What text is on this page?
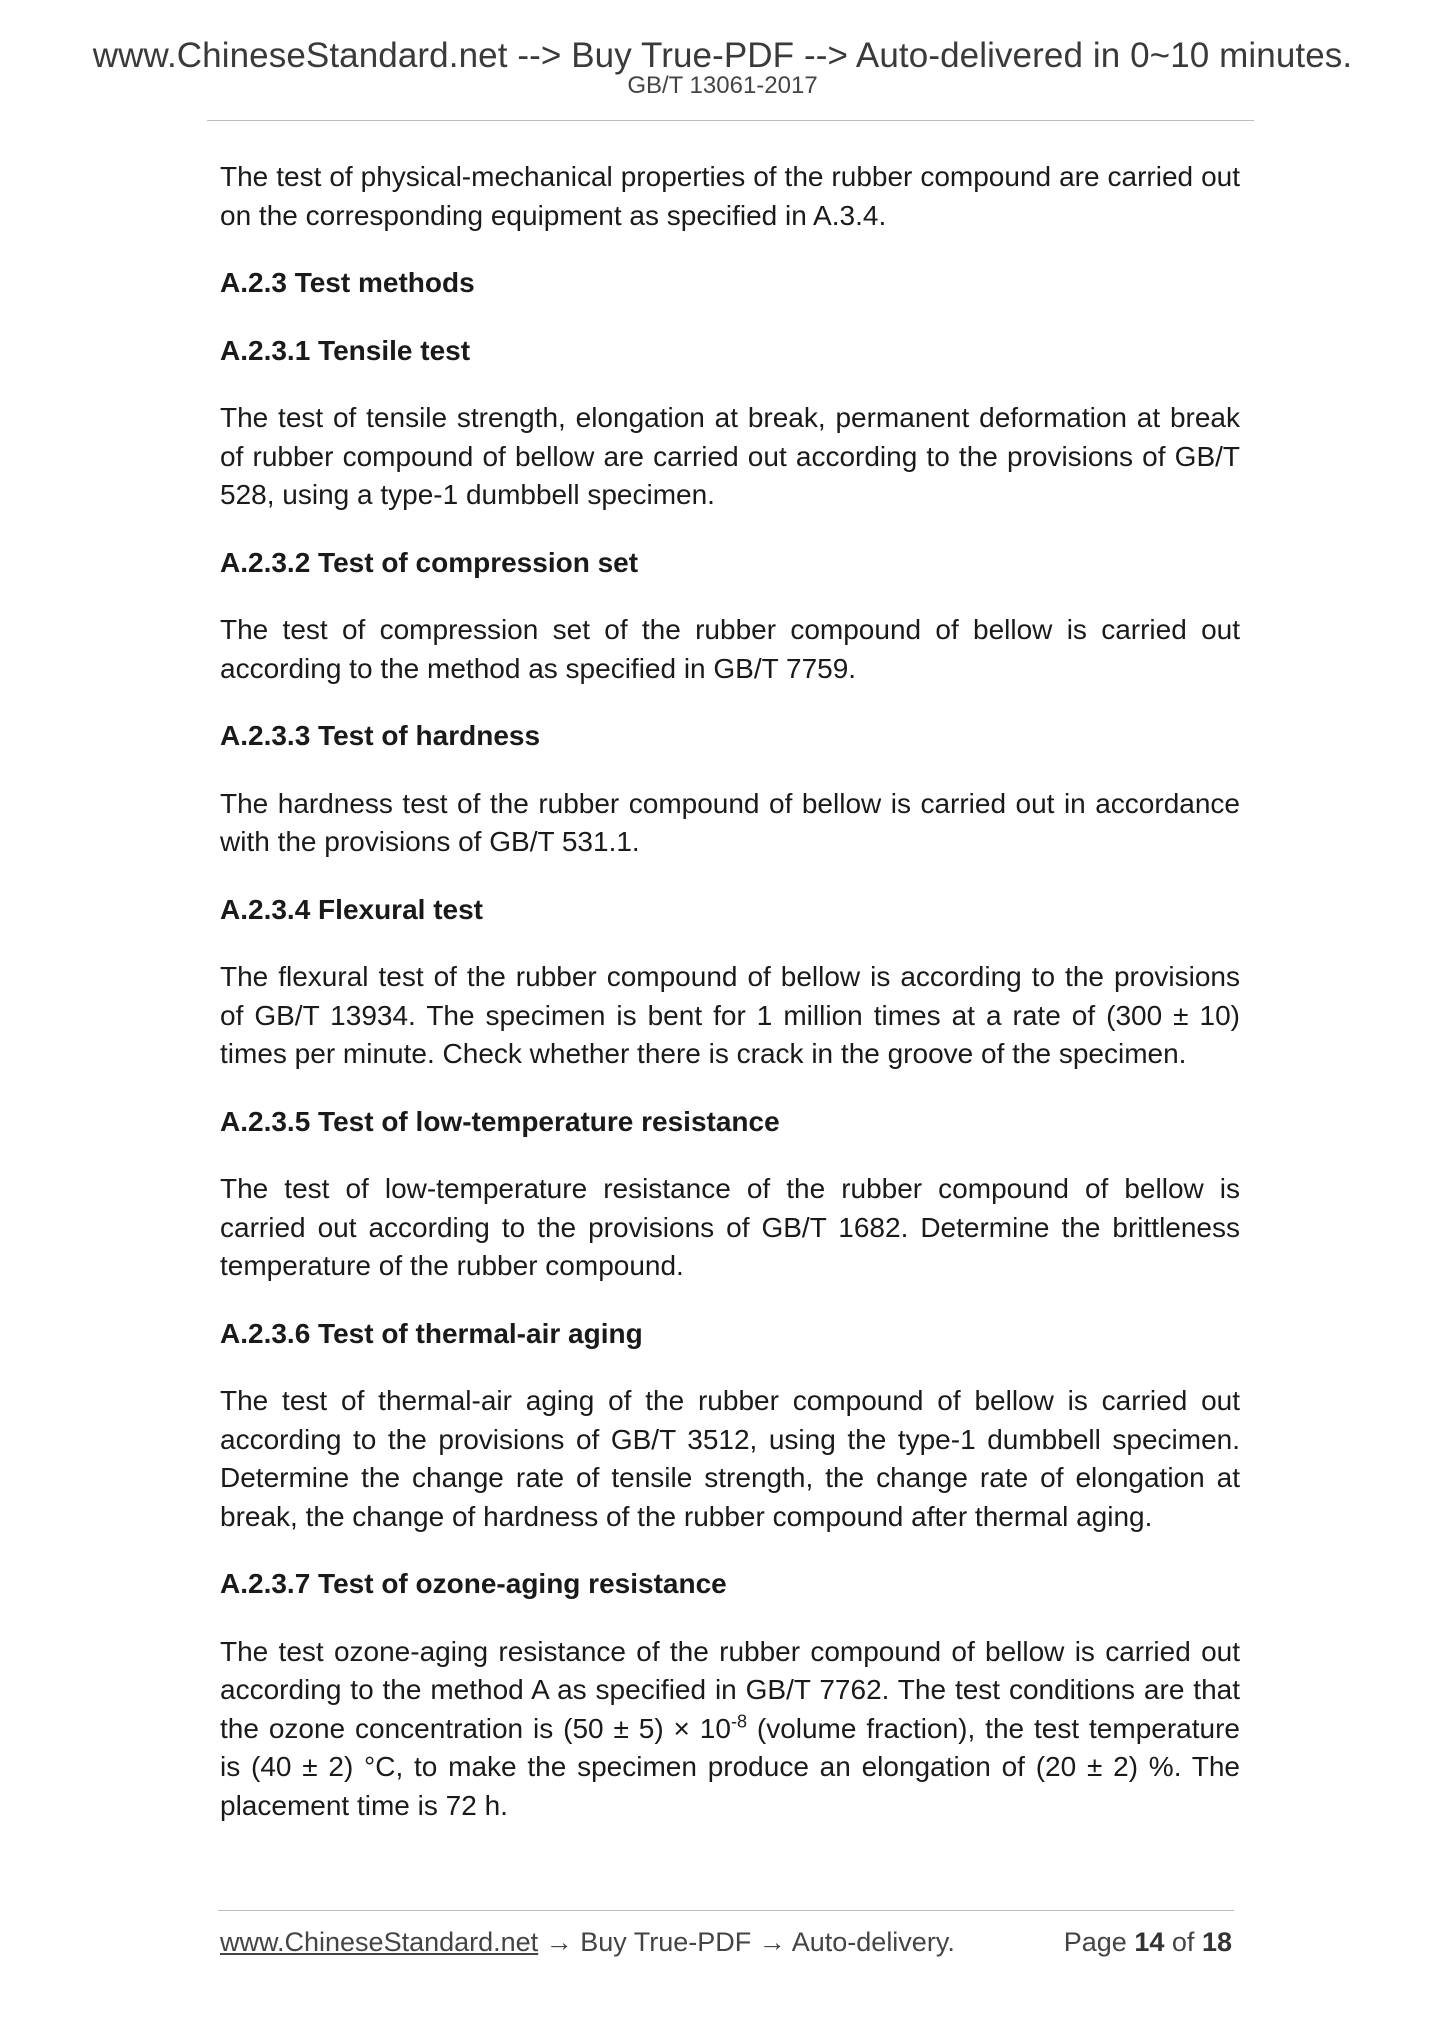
www.ChineseStandard.net --> Buy True-PDF --> Auto-delivered in 0~10 minutes.
GB/T 13061-2017

The test of physical-mechanical properties of the rubber compound are carried out on the corresponding equipment as specified in A.3.4.

A.2.3 Test methods

A.2.3.1 Tensile test

The test of tensile strength, elongation at break, permanent deformation at break of rubber compound of bellow are carried out according to the provisions of GB/T 528, using a type-1 dumbbell specimen.

A.2.3.2 Test of compression set

The test of compression set of the rubber compound of bellow is carried out according to the method as specified in GB/T 7759.

A.2.3.3 Test of hardness

The hardness test of the rubber compound of bellow is carried out in accordance with the provisions of GB/T 531.1.

A.2.3.4 Flexural test

The flexural test of the rubber compound of bellow is according to the provisions of GB/T 13934. The specimen is bent for 1 million times at a rate of (300 ± 10) times per minute. Check whether there is crack in the groove of the specimen.

A.2.3.5 Test of low-temperature resistance

The test of low-temperature resistance of the rubber compound of bellow is carried out according to the provisions of GB/T 1682. Determine the brittleness temperature of the rubber compound.

A.2.3.6 Test of thermal-air aging

The test of thermal-air aging of the rubber compound of bellow is carried out according to the provisions of GB/T 3512, using the type-1 dumbbell specimen. Determine the change rate of tensile strength, the change rate of elongation at break, the change of hardness of the rubber compound after thermal aging.

A.2.3.7 Test of ozone-aging resistance

The test ozone-aging resistance of the rubber compound of bellow is carried out according to the method A as specified in GB/T 7762. The test conditions are that the ozone concentration is $(50 \pm 5) \times 10^{-8}$ (volume fraction), the test temperature is (40 ± 2) °C, to make the specimen produce an elongation of (20 ± 2) %. The placement time is 72 h.

www.ChineseStandard.net → Buy True-PDF → Auto-delivery.	Page 14 of 18
